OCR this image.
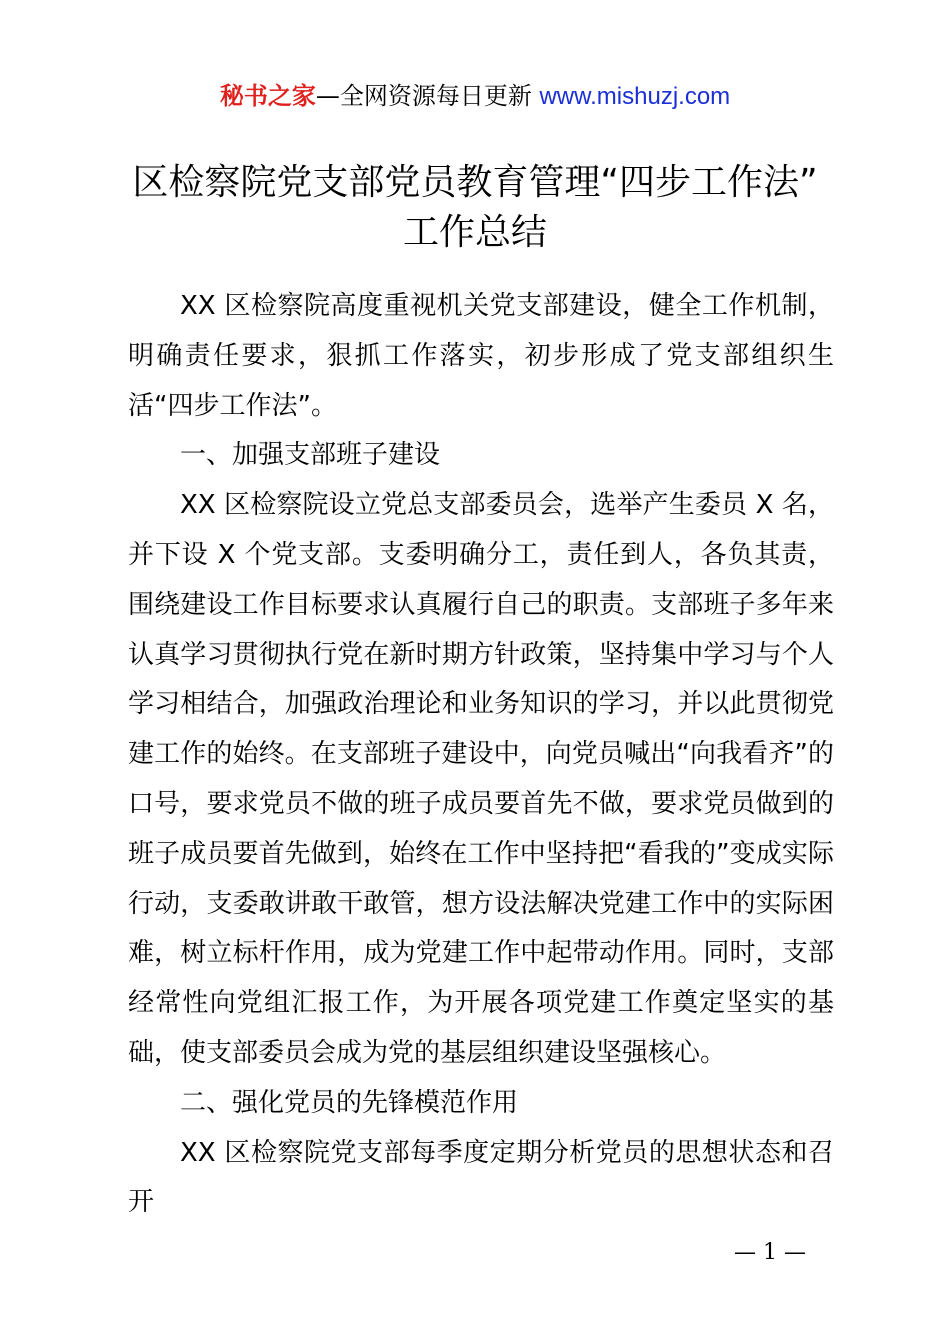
秘书之家—全网资源每日更新 www.mishuzj.com
区检察院党支部党员教育管理“四步工作法”
工作总结

XX 区检察院高度重视机关党支部建设，健全工作机制，明确责任要求，狠抓工作落实，初步形成了党支部组织生活“四步工作法”。

一、加强支部班子建设

XX 区检察院设立党总支部委员会，选举产生委员 X 名，并下设 X 个党支部。支委明确分工，责任到人，各负其责，围绕建设工作目标要求认真履行自己的职责。支部班子多年来认真学习贯彻执行党在新时期方针政策，坚持集中学习与个人学习相结合，加强政治理论和业务知识的学习，并以此贯彻党建工作的始终。在支部班子建设中，向党员喊出“向我看齐”的口号，要求党员不做的班子成员要首先不做，要求党员做到的班子成员要首先做到，始终在工作中坚持把“看我的”变成实际行动，支委敢讲敢干敢管，想方设法解决党建工作中的实际困难，树立标杆作用，成为党建工作中起带动作用。同时，支部经常性向党组汇报工作，为开展各项党建工作奠定坚实的基础，使支部委员会成为党的基层组织建设坚强核心。

二、强化党员的先锋模范作用

XX 区检察院党支部每季度定期分析党员的思想状态和召开

— 1 —
